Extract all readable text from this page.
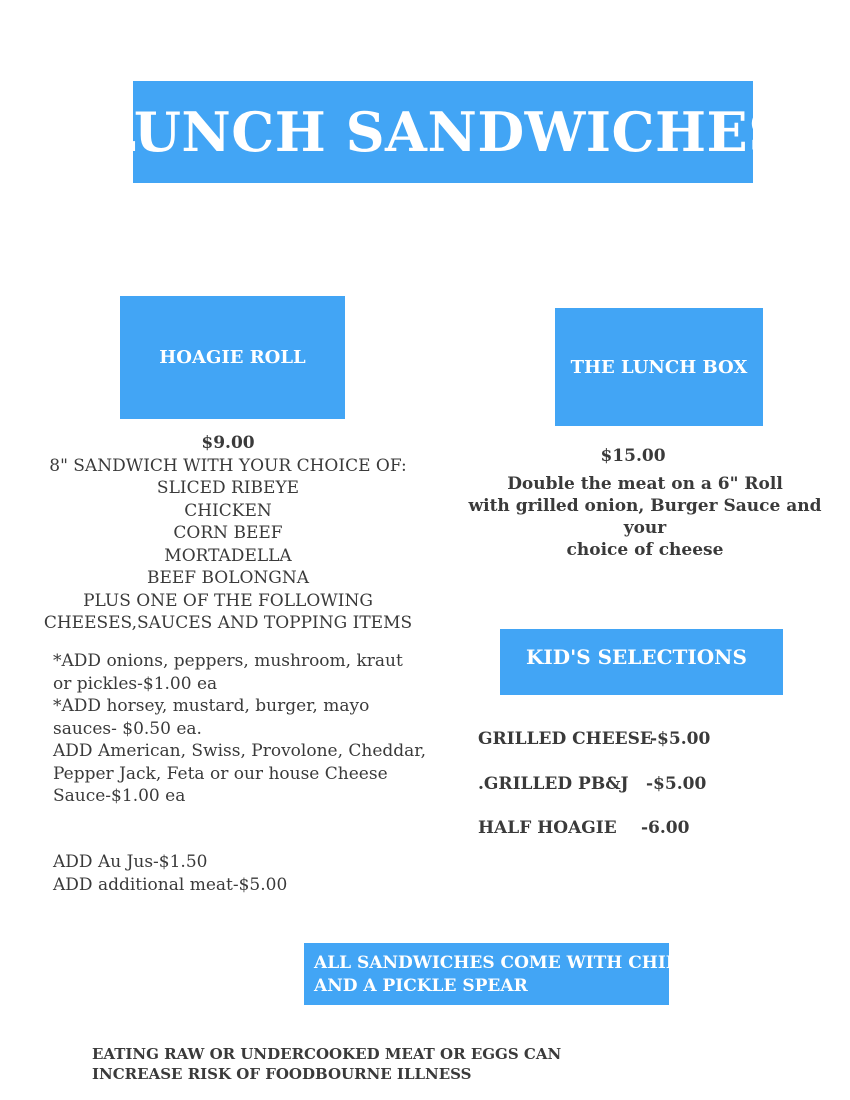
LUNCH SANDWICHES
HOAGIE ROLL	THE LUNCH BOX
$9.00
8" SANDWICH WITH YOUR CHOICE OF:
SLICED RIBEYE
CHICKEN
CORN BEEF
MORTADELLA
BEEF BOLONGNA
PLUS ONE OF THE FOLLOWING
CHEESES,SAUCES AND TOPPING ITEMS
*ADD onions, peppers, mushroom, kraut
or pickles-$1.00 ea
*ADD horsey, mustard, burger, mayo
sauces- $0.50 ea.
ADD American, Swiss, Provolone, Cheddar,
Pepper Jack, Feta or our house Cheese
Sauce-$1.00 ea
ADD Au Jus-$1.50
ADD additional meat-$5.00
$15.00
Double the meat on a 6" Roll
with grilled onion, Burger Sauce and your
choice of cheese
KID'S SELECTIONS
GRILLED CHEESE
-$5.00
.GRILLED PB&J -$5.00
HALF HOAGIE -6.00
ALL SANDWICHES COME WITH CHIPS
AND A PICKLE SPEAR
EATING RAW OR UNDERCOOKED MEAT OR EGGS CAN
INCREASE RISK OF FOODBOURNE ILLNESS
